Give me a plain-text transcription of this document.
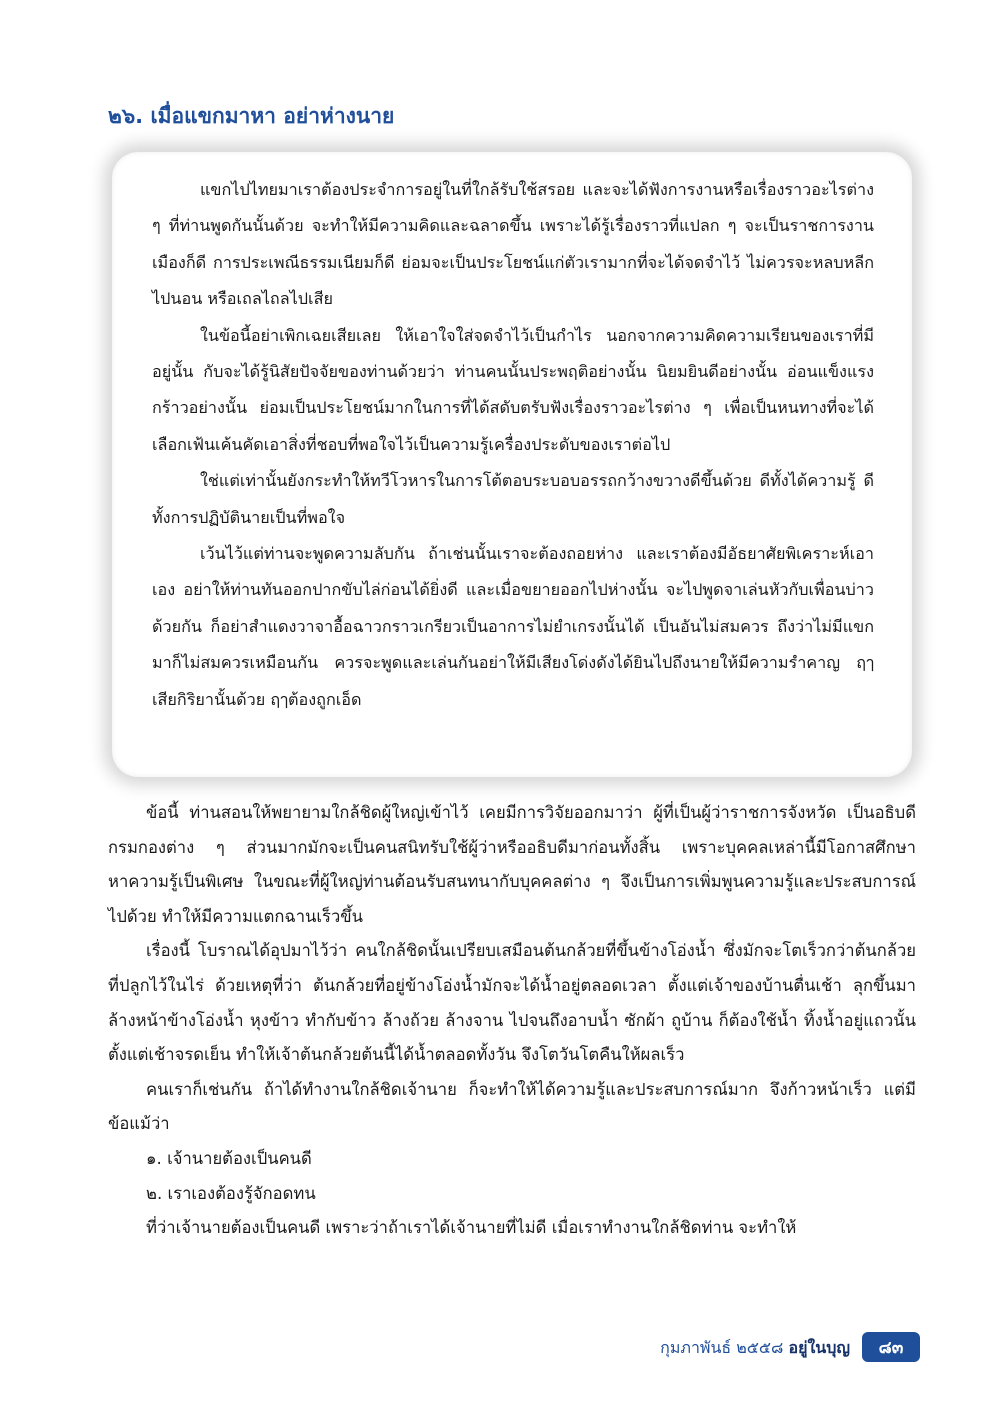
๒๖. เมื่อแขกมาหา อย่าห่างนาย

แขกไปไทยมาเราต้องประจำการอยู่ในที่ใกล้รับใช้สรอย และจะได้ฟังการงานหรือเรื่องราวอะไรต่าง ๆ ที่ท่านพูดกันนั้นด้วย จะทำให้มีความคิดและฉลาดขึ้น เพราะได้รู้เรื่องราวที่แปลก ๆ จะเป็นราชการงานเมืองก็ดี การประเพณีธรรมเนียมก็ดี ย่อมจะเป็นประโยชน์แก่ตัวเรามากที่จะได้จดจำไว้ ไม่ควรจะหลบหลีกไปนอน หรือเถลไถลไปเสีย

ในข้อนี้อย่าเพิกเฉยเสียเลย ให้เอาใจใส่จดจำไว้เป็นกำไร นอกจากความคิดความเรียนของเราที่มีอยู่นั้น กับจะได้รู้นิสัยปัจจัยของท่านด้วยว่า ท่านคนนั้นประพฤติอย่างนั้น นิยมยินดีอย่างนั้น อ่อนแข็งแรงกร้าวอย่างนั้น ย่อมเป็นประโยชน์มากในการที่ได้สดับตรับฟังเรื่องราวอะไรต่าง ๆ เพื่อเป็นหนทางที่จะได้เลือกเฟ้นเค้นคัดเอาสิ่งที่ชอบที่พอใจไว้เป็นความรู้เครื่องประดับของเราต่อไป

ใช่แต่เท่านั้นยังกระทำให้ทวีโวหารในการโต้ตอบระบอบอรรถกว้างขวางดีขึ้นด้วย ดีทั้งได้ความรู้ ดีทั้งการปฏิบัตินายเป็นที่พอใจ

เว้นไว้แต่ท่านจะพูดความลับกัน ถ้าเช่นนั้นเราจะต้องถอยห่าง และเราต้องมีอัธยาศัยพิเคราะห์เอาเอง อย่าให้ท่านทันออกปากขับไล่ก่อนได้ยิ่งดี และเมื่อขยายออกไปห่างนั้น จะไปพูดจาเล่นหัวกับเพื่อนบ่าวด้วยกัน ก็อย่าสำแดงวาจาอื้อฉาวกราวเกรียวเป็นอาการไม่ยำเกรงนั้นได้ เป็นอันไม่สมควร ถึงว่าไม่มีแขกมาก็ไม่สมควรเหมือนกัน ควรจะพูดและเล่นกันอย่าให้มีเสียงโด่งดังได้ยินไปถึงนายให้มีความรำคาญ ฤๅเสียกิริยานั้นด้วย ฤๅต้องถูกเอ็ด

ข้อนี้ ท่านสอนให้พยายามใกล้ชิดผู้ใหญ่เข้าไว้ เคยมีการวิจัยออกมาว่า ผู้ที่เป็นผู้ว่าราชการจังหวัด เป็นอธิบดีกรมกองต่าง ๆ ส่วนมากมักจะเป็นคนสนิทรับใช้ผู้ว่าหรืออธิบดีมาก่อนทั้งสิ้น เพราะบุคคลเหล่านี้มีโอกาสศึกษาหาความรู้เป็นพิเศษ ในขณะที่ผู้ใหญ่ท่านต้อนรับสนทนากับบุคคลต่าง ๆ จึงเป็นการเพิ่มพูนความรู้และประสบการณ์ไปด้วย ทำให้มีความแตกฉานเร็วขึ้น

เรื่องนี้ โบราณได้อุปมาไว้ว่า คนใกล้ชิดนั้นเปรียบเสมือนต้นกล้วยที่ขึ้นข้างโอ่งน้ำ ซึ่งมักจะโตเร็วกว่าต้นกล้วยที่ปลูกไว้ในไร่ ด้วยเหตุที่ว่า ต้นกล้วยที่อยู่ข้างโอ่งน้ำมักจะได้น้ำอยู่ตลอดเวลา ตั้งแต่เจ้าของบ้านตื่นเช้า ลุกขึ้นมาล้างหน้าข้างโอ่งน้ำ หุงข้าว ทำกับข้าว ล้างถ้วย ล้างจาน ไปจนถึงอาบน้ำ ซักผ้า ถูบ้าน ก็ต้องใช้น้ำ ทิ้งน้ำอยู่แถวนั้น ตั้งแต่เช้าจรดเย็น ทำให้เจ้าต้นกล้วยต้นนี้ได้น้ำตลอดทั้งวัน จึงโตวันโตคืนให้ผลเร็ว

คนเราก็เช่นกัน ถ้าได้ทำงานใกล้ชิดเจ้านาย ก็จะทำให้ได้ความรู้และประสบการณ์มาก จึงก้าวหน้าเร็ว แต่มีข้อแม้ว่า

๑. เจ้านายต้องเป็นคนดี

๒. เราเองต้องรู้จักอดทน

ที่ว่าเจ้านายต้องเป็นคนดี เพราะว่าถ้าเราได้เจ้านายที่ไม่ดี เมื่อเราทำงานใกล้ชิดท่าน จะทำให้

กุมภาพันธ์ ๒๕๕๘ อยู่ในบุญ ๘๓
